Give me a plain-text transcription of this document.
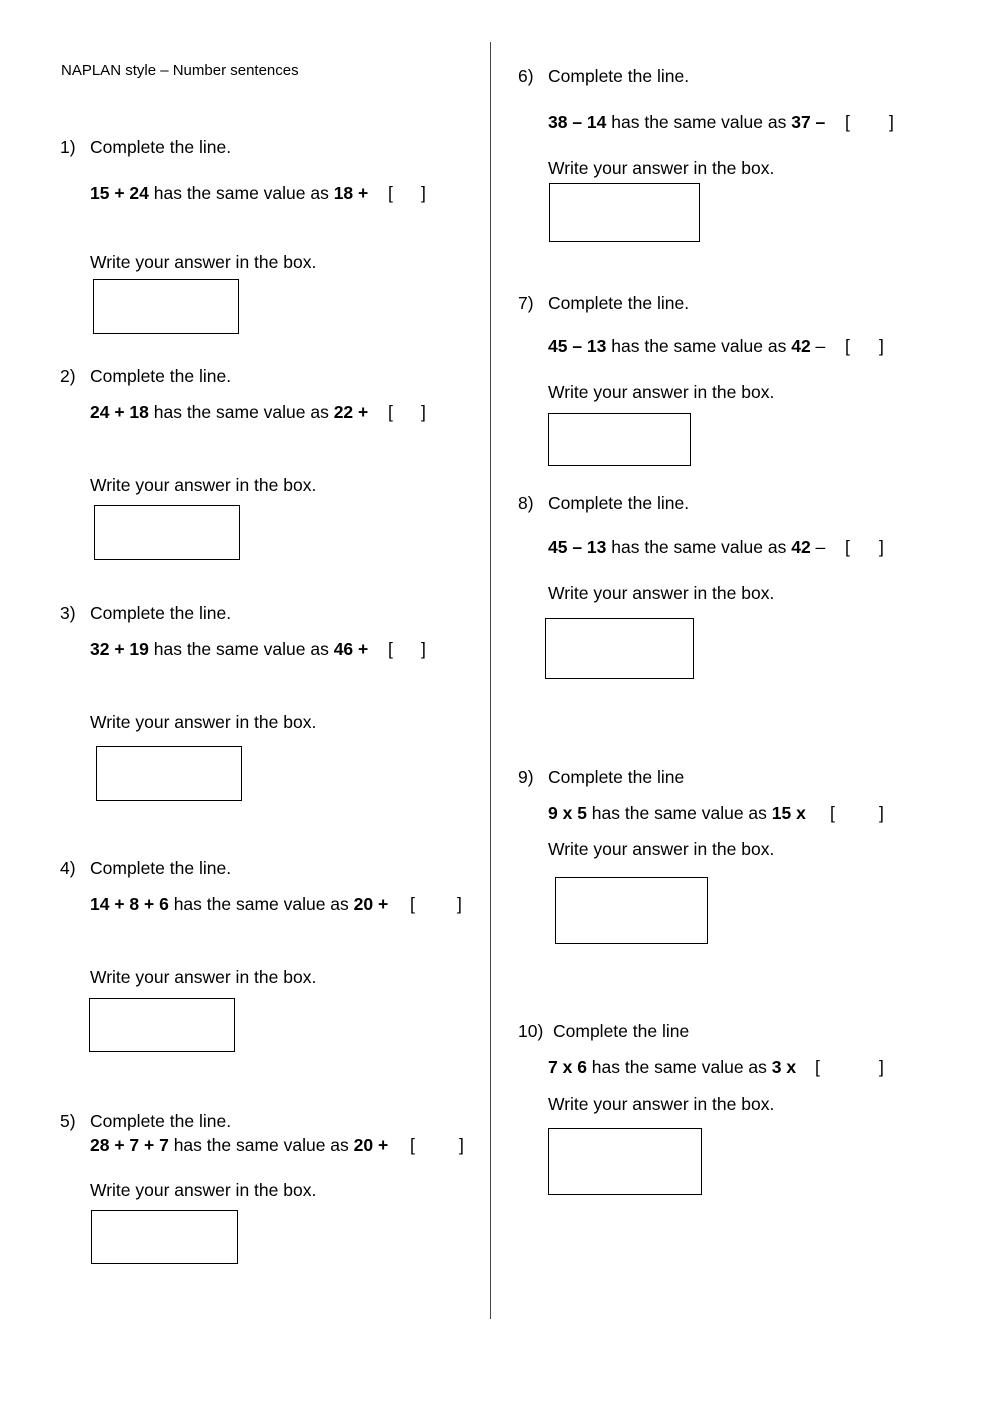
NAPLAN style – Number sentences
1) Complete the line.
15 + 24 has the same value as 18 + [ ]
Write your answer in the box.
2) Complete the line.
24 + 18 has the same value as 22 + [ ]
Write your answer in the box.
3) Complete the line.
32 + 19 has the same value as 46 + [ ]
Write your answer in the box.
4) Complete the line.
14 + 8 + 6 has the same value as 20 + [ ]
Write your answer in the box.
5) Complete the line.
28 + 7 + 7 has the same value as 20 + [	]
Write your answer in the box.
6) Complete the line.
38 – 14 has the same value as 37 – [ ]
Write your answer in the box.
7) Complete the line.
45 – 13 has the same value as 42 – [ ]
Write your answer in the box.
8) Complete the line.
45 – 13 has the same value as 42 – [ ]
Write your answer in the box.
9) Complete the line
9 x 5 has the same value as 15 x [	]
Write your answer in the box.
10) Complete the line
7 x 6 has the same value as 3 x [	]
Write your answer in the box.
